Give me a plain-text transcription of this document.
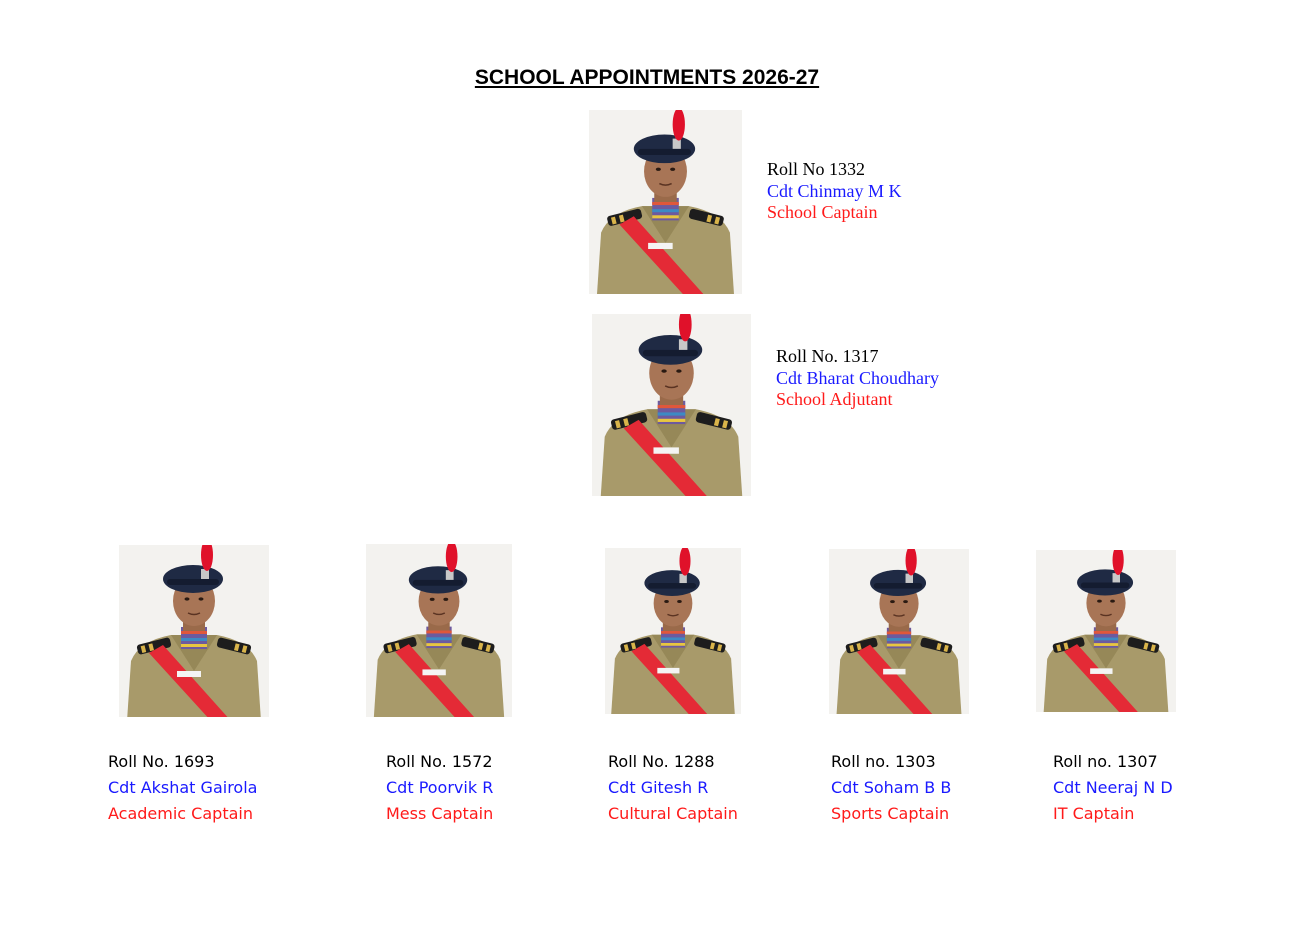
SCHOOL APPOINTMENTS 2026-27
Roll No 1332
Cdt Chinmay M K
School Captain
Roll No. 1317
Cdt Bharat Choudhary
School Adjutant
Roll No. 1693
Cdt Akshat Gairola
Academic Captain
Roll No. 1572
Cdt Poorvik R
Mess Captain
Roll No. 1288
Cdt Gitesh R
Cultural Captain
Roll no. 1303
Cdt Soham B B
Sports Captain
Roll no. 1307
Cdt Neeraj N D
IT Captain
